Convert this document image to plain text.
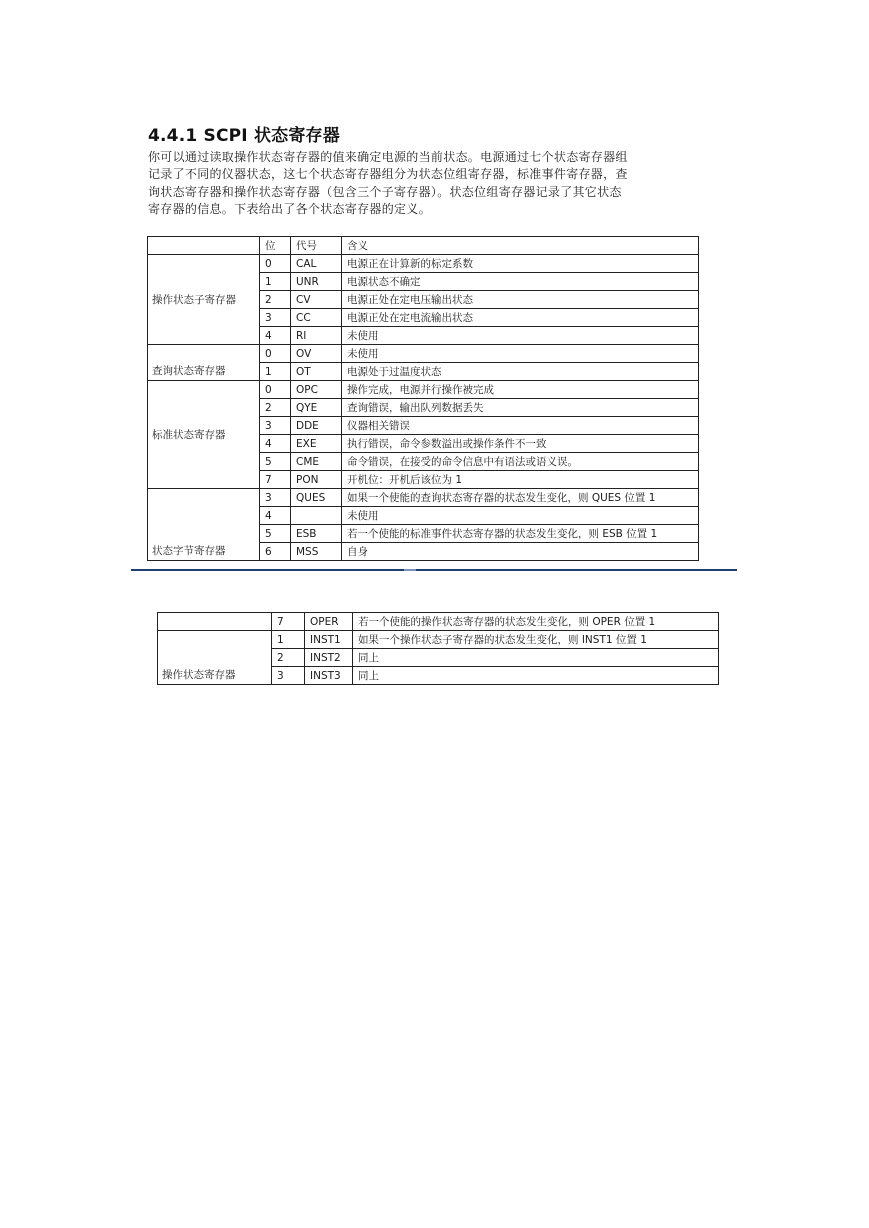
4.4.1 SCPI 状态寄存器
你可以通过读取操作状态寄存器的值来确定电源的当前状态。电源通过七个状态寄存器组
记录了不同的仪器状态，这七个状态寄存器组分为状态位组寄存器，标准事件寄存器，查
询状态寄存器和操作状态寄存器（包含三个子寄存器）。状态位组寄存器记录了其它状态
寄存器的信息。下表给出了各个状态寄存器的定义。
	位	代号	含义
操作状态子寄存器	0	CAL	电源正在计算新的标定系数
	1	UNR	电源状态不确定
	2	CV	电源正处在定电压输出状态
	3	CC	电源正处在定电流输出状态
	4	RI	未使用
查询状态寄存器	0	OV	未使用
	1	OT	电源处于过温度状态
标准状态寄存器	0	OPC	操作完成，电源并行操作被完成
	2	QYE	查询错误，输出队列数据丢失
	3	DDE	仪器相关错误
	4	EXE	执行错误，命令参数溢出或操作条件不一致
	5	CME	命令错误，在接受的命令信息中有语法或语义误。
	7	PON	开机位：开机后该位为 1
状态字节寄存器	3	QUES	如果一个使能的查询状态寄存器的状态发生变化，则 QUES 位置 1
	4		未使用
	5	ESB	若一个使能的标准事件状态寄存器的状态发生变化，则 ESB 位置 1
	6	MSS	自身
	7	OPER	若一个使能的操作状态寄存器的状态发生变化，则 OPER 位置 1
操作状态寄存器	1	INST1	如果一个操作状态子寄存器的状态发生变化，则 INST1 位置 1
	2	INST2	同上
	3	INST3	同上
